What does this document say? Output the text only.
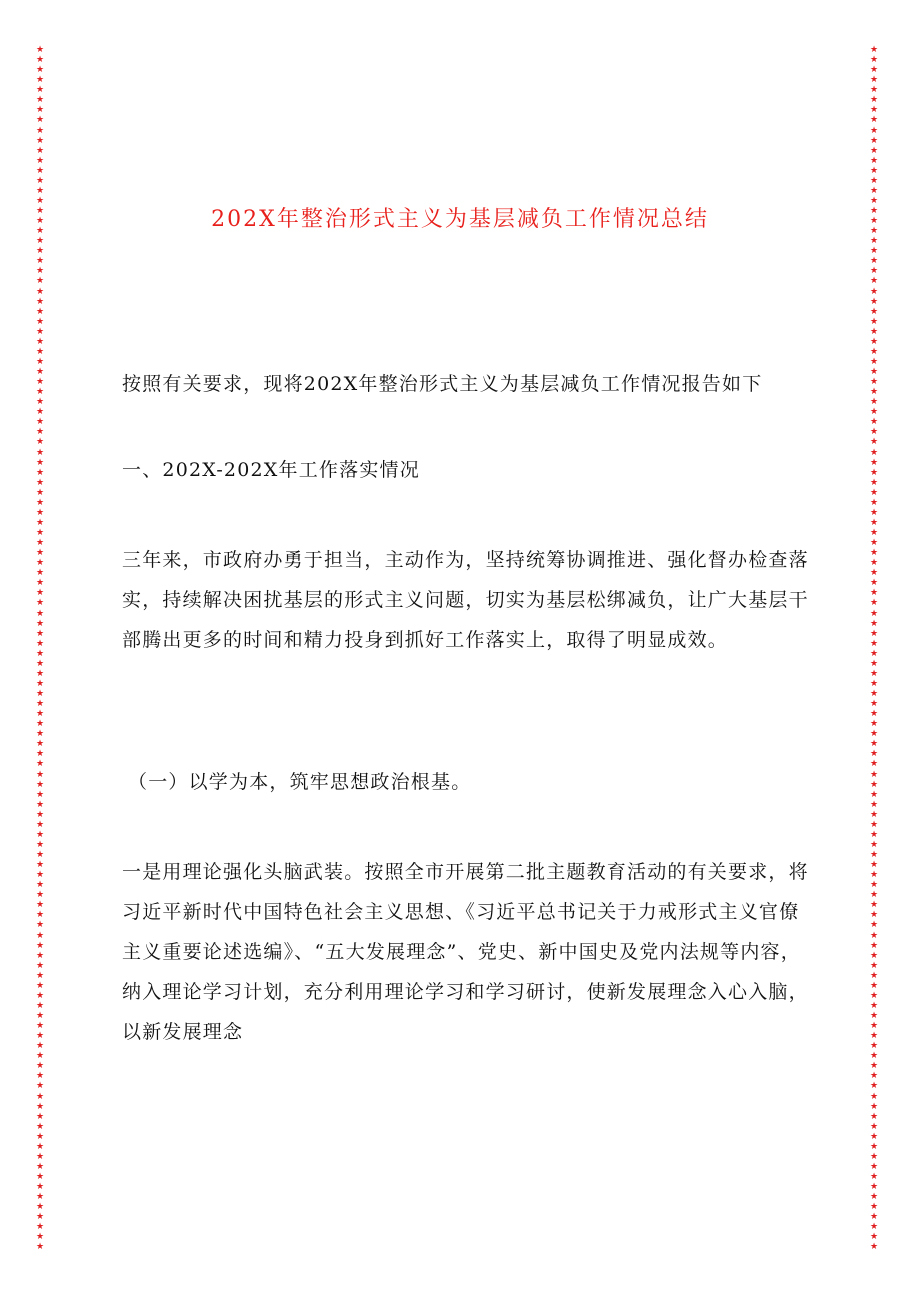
★
★
★
★
★
★
★
★
★
★
★
★
★
★
★
★
★
★
★
★
★
★
★
★
★
★
★
★
★
★
★
★
★
★
★
★
★
★
★
★
★
★
★
★
★
★
★
★
★
★
★
★
★
★
★
★
★
★
★
★
★
★
★
★
★
★
★
★
★
★
★
★
★
★
★
★
★
★
★
★
★
★
★
★
★
★
★
★
★
★
★
★
★
★
★
★
★
★
★
★
★
★
★
★
★
★
★
★
★
★
★
★
★
★
★
★
★
★
★
★
★
★
★
★
★
★
★
★
★
★
★
★
★
★
★
★
★
★
★
★
★
★
★
★
★
★
★
★
★
★
★
★
★
★
★
★
★
★
★
★
★
★
★
★
★
★
★
★
★
★
★
★
★
★
★
★
★
★
★
★
★
★
★
★
★
★
★
★
★
★
★
★
★
★
★
★
★
★
★
★
★
★
★
★
★
★
★
★
★
★
★
★
★
★
★
★
★
★
★
★
★
★
★
★
★
★
★
★
★
★
★
★
★
★
★
★
★
★
★
★
202X年整治形式主义为基层减负工作情况总结

按照有关要求，现将202X年整治形式主义为基层减负工作情况报告如下

一、202X-202X年工作落实情况

三年来，市政府办勇于担当，主动作为，坚持统筹协调推进、强化督办检查落实，持续解决困扰基层的形式主义问题，切实为基层松绑减负，让广大基层干部腾出更多的时间和精力投身到抓好工作落实上，取得了明显成效。

（一）以学为本，筑牢思想政治根基。

一是用理论强化头脑武装。按照全市开展第二批主题教育活动的有关要求，将习近平新时代中国特色社会主义思想、《习近平总书记关于力戒形式主义官僚主义重要论述选编》、“五大发展理念”、党史、新中国史及党内法规等内容，纳入理论学习计划，充分利用理论学习和学习研讨，使新发展理念入心入脑，以新发展理念
